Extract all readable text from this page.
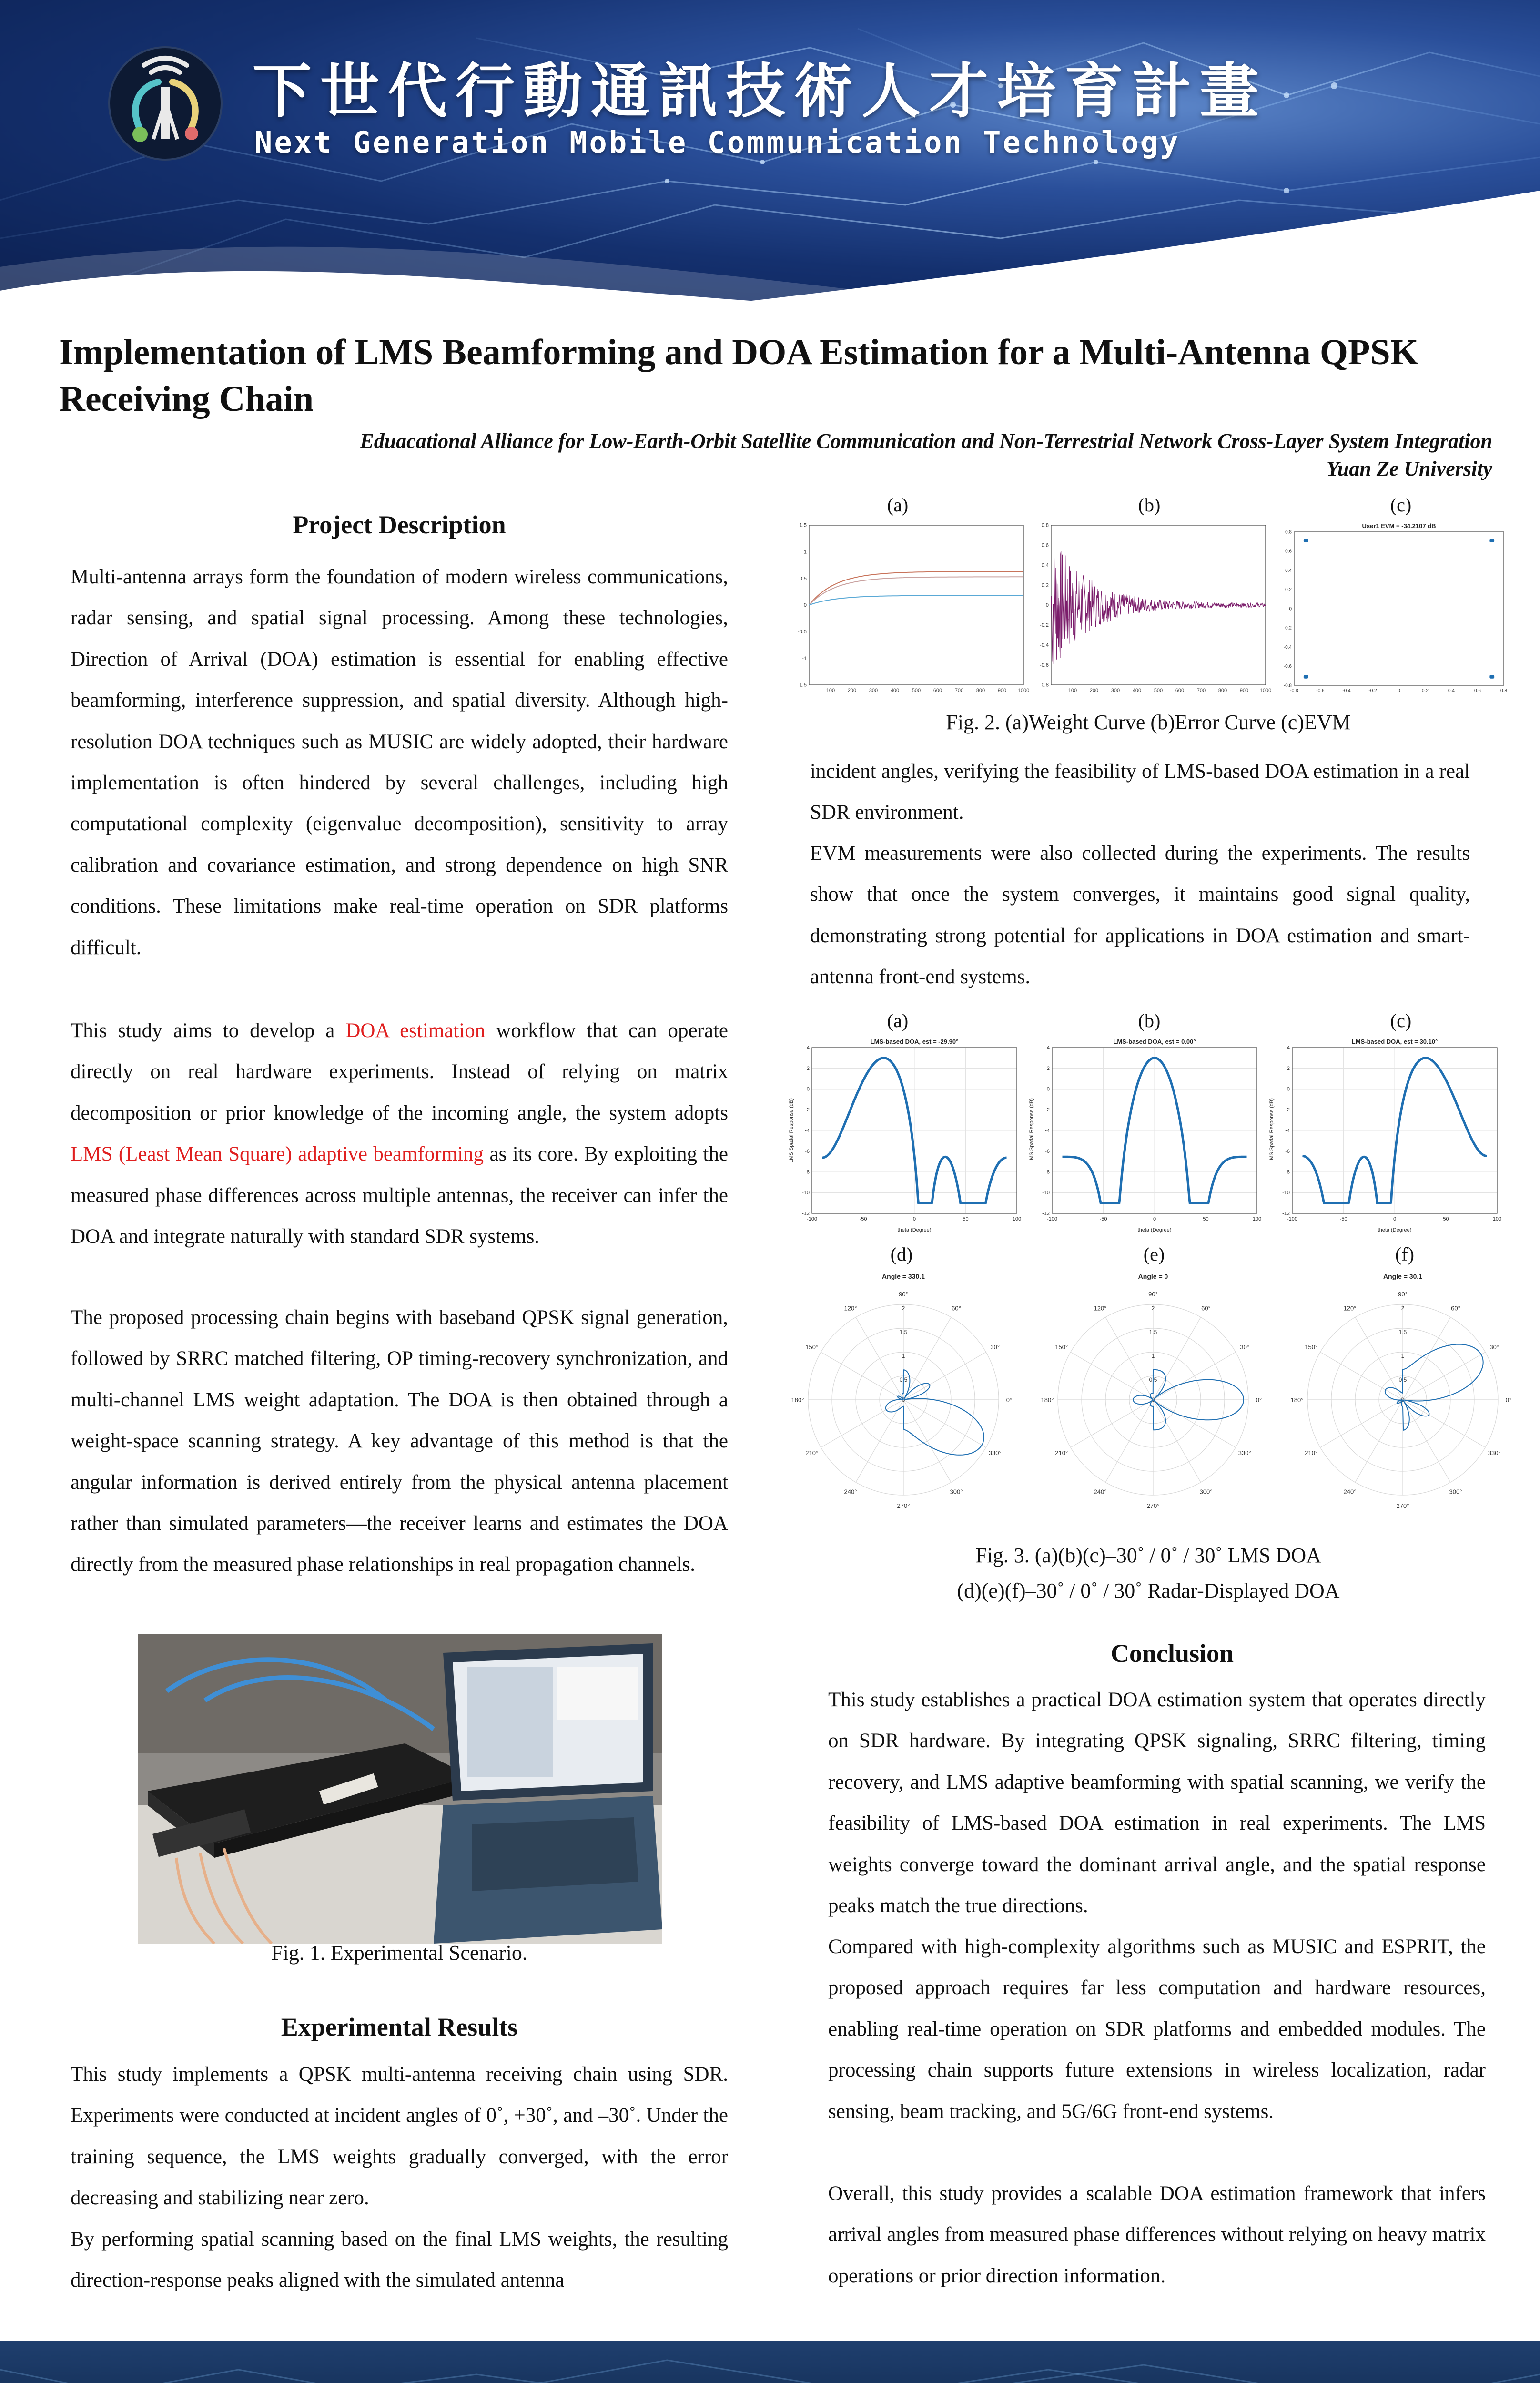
下世代行動通訊技術人才培育計畫
Next Generation Mobile Communication Technology
Implementation of LMS Beamforming and DOA Estimation for a Multi-Antenna QPSK Receiving Chain
Eduacational Alliance for Low-Earth-Orbit Satellite Communication and Non-Terrestrial Network Cross-Layer System Integration
Yuan Ze University
Project Description
Multi-antenna arrays form the foundation of modern wireless communications, radar sensing, and spatial signal processing. Among these technologies, Direction of Arrival (DOA) estimation is essential for enabling effective beamforming, interference suppression, and spatial diversity. Although high-resolution DOA techniques such as MUSIC are widely adopted, their hardware implementation is often hindered by several challenges, including high computational complexity (eigenvalue decomposition), sensitivity to array calibration and covariance estimation, and strong dependence on high SNR conditions. These limitations make real-time operation on SDR platforms difficult.
This study aims to develop a DOA estimation workflow that can operate directly on real hardware experiments. Instead of relying on matrix decomposition or prior knowledge of the incoming angle, the system adopts LMS (Least Mean Square) adaptive beamforming as its core. By exploiting the measured phase differences across multiple antennas, the receiver can infer the DOA and integrate naturally with standard SDR systems.
The proposed processing chain begins with baseband QPSK signal generation, followed by SRRC matched filtering, OP timing-recovery synchronization, and multi-channel LMS weight adaptation. The DOA is then obtained through a weight-space scanning strategy. A key advantage of this method is that the angular information is derived entirely from the physical antenna placement rather than simulated parameters—the receiver learns and estimates the DOA directly from the measured phase relationships in real propagation channels.
Fig. 1. Experimental Scenario.
Experimental Results
This study implements a QPSK multi-antenna receiving chain using SDR. Experiments were conducted at incident angles of 0˚, +30˚, and –30˚. Under the training sequence, the LMS weights gradually converged, with the error decreasing and stabilizing near zero.
By performing spatial scanning based on the final LMS weights, the resulting direction-response peaks aligned with the simulated antenna
(a)	(b)	(c)
100 200 300 400 500 600 700 800 900 1000
-1.5
-1
-0.5
0
0.5
1
1.5
100 200 300 400 500 600 700 800 900 1000
-0.8
-0.6
-0.4
-0.2
0
0.2
0.4
0.6
0.8
-0.8	-0.6	-0.4	-0.2	0	0.2	0.4	0.6	0.8
-0.8
-0.6
-0.4
-0.2
0
0.2
0.4
0.6
0.8
User1 EVM = -34.2107 dB
Fig. 2. (a)Weight Curve (b)Error Curve (c)EVM
incident angles, verifying the feasibility of LMS-based DOA estimation in a real SDR environment.
EVM measurements were also collected during the experiments. The results show that once the system converges, it maintains good signal quality, demonstrating strong potential for applications in DOA estimation and smart-antenna front-end systems.
(a)	(b)	(c)
-100	-50	0	50	100
-12
-10
-8
-6
-4
-2
0
2
4
LMS-based DOA, est = -29.90°
theta (Degree)
LMS Spatial Response (dB)
-100	-50	0	50	100
-12
-10
-8
-6
-4
-2
0
2
4
LMS-based DOA, est = 0.00°
theta (Degree)
LMS Spatial Response (dB)
-100	-50	0	50	100
-12
-10
-8
-6
-4
-2
0
2
4
LMS-based DOA, est = 30.10°
theta (Degree)
LMS Spatial Response (dB)
(d)	(e)	(f)
Angle = 330.1
0°
30°
60°
90°
120°
150°
180°
210°
240°
270°
300°
330°
0.5
1
1.5
2
0
Angle = 0
0°
30°
60°
90°
120°
150°
180°
210°
240°
270°
300°
330°
0.5
1
1.5
2
0
Angle = 30.1
0°
30°
60°
90°
120°
150°
180°
210°
240°
270°
300°
330°
0.5
1
1.5
2
0
Fig. 3. (a)(b)(c)–30˚ / 0˚ / 30˚ LMS DOA
(d)(e)(f)–30˚ / 0˚ / 30˚ Radar-Displayed DOA
Conclusion
This study establishes a practical DOA estimation system that operates directly on SDR hardware. By integrating QPSK signaling, SRRC filtering, timing recovery, and LMS adaptive beamforming with spatial scanning, we verify the feasibility of LMS-based DOA estimation in real experiments. The LMS weights converge toward the dominant arrival angle, and the spatial response peaks match the true directions.
Compared with high-complexity algorithms such as MUSIC and ESPRIT, the proposed approach requires far less computation and hardware resources, enabling real-time operation on SDR platforms and embedded modules. The processing chain supports future extensions in wireless localization, radar sensing, beam tracking, and 5G/6G front-end systems.
Overall, this study provides a scalable DOA estimation framework that infers arrival angles from measured phase differences without relying on heavy matrix operations or prior direction information.
